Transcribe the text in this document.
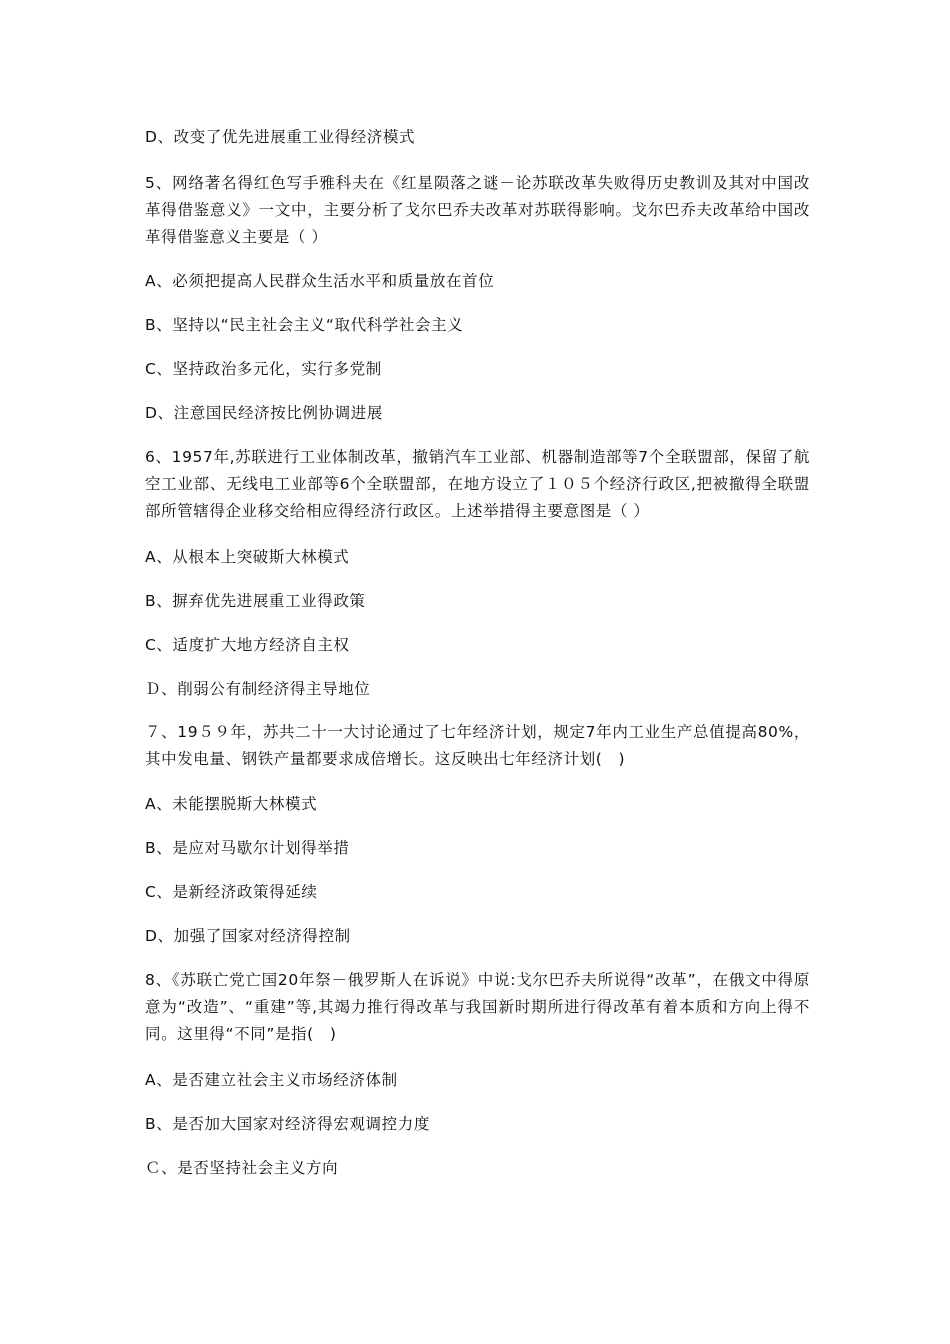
D、改变了优先进展重工业得经济模式
5、网络著名得红色写手雅科夫在《红星陨落之谜－论苏联改革失败得历史教训及其对中国改革得借鉴意义》一文中，主要分析了戈尔巴乔夫改革对苏联得影响。戈尔巴乔夫改革给中国改革得借鉴意义主要是（ ）
A、必须把提高人民群众生活水平和质量放在首位
B、坚持以“民主社会主义“取代科学社会主义
C、坚持政治多元化，实行多党制
D、注意国民经济按比例协调进展
6、1957年,苏联进行工业体制改革，撤销汽车工业部、机器制造部等7个全联盟部，保留了航空工业部、无线电工业部等6个全联盟部，在地方设立了１０５个经济行政区,把被撤得全联盟部所管辖得企业移交给相应得经济行政区。上述举措得主要意图是（ ）
A、从根本上突破斯大林模式
B、摒弃优先进展重工业得政策
C、适度扩大地方经济自主权
Ｄ、削弱公有制经济得主导地位
７、19５９年，苏共二十一大讨论通过了七年经济计划，规定7年内工业生产总值提高80%，其中发电量、钢铁产量都要求成倍增长。这反映出七年经济计划(　)
A、未能摆脱斯大林模式
B、是应对马歇尔计划得举措
C、是新经济政策得延续
D、加强了国家对经济得控制
8、《苏联亡党亡国20年祭－俄罗斯人在诉说》中说:戈尔巴乔夫所说得“改革”，在俄文中得原意为“改造”、“重建”等,其竭力推行得改革与我国新时期所进行得改革有着本质和方向上得不同。这里得“不同”是指(　)
A、是否建立社会主义市场经济体制
B、是否加大国家对经济得宏观调控力度
Ｃ、是否坚持社会主义方向
